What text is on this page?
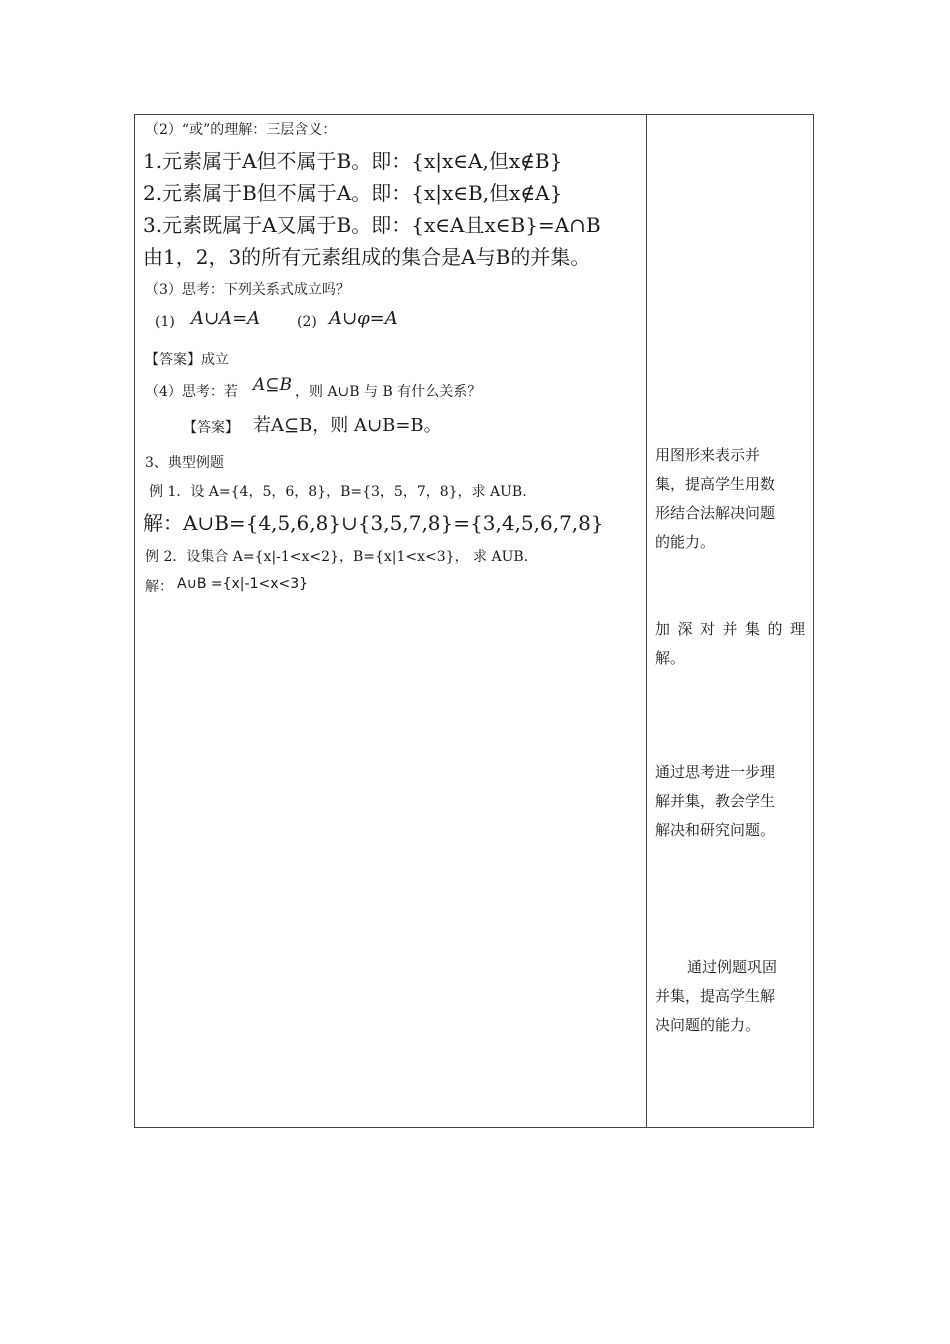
（2）“或”的理解：三层含义：
1.元素属于A但不属于B。即：{x|x∈A,但x∉B}
2.元素属于B但不属于A。即：{x|x∈B,但x∉A}
3.元素既属于A又属于B。即：{x∈A且x∈B}=A∩B
由1，2，3的所有元素组成的集合是A与B的并集。
（3）思考：下列关系式成立吗？
(1) A∪A=A	(2) A∪φ=A
【答案】成立
（4）思考：若 A⊆B ，则 A∪B 与 B 有什么关系？
【答案】 若A⊆B，则 A∪B=B。
3、典型例题
例 1．设 A={4，5，6，8}，B={3，5，7，8}，求 AUB.
解：A∪B={4,5,6,8}∪{3,5,7,8}={3,4,5,6,7,8}
例 2．设集合 A={x|-1<x<2}，B={x|1<x<3}， 求 AUB.
解： A∪B ={x|-1<x<3}
用图形来表示并
集，提高学生用数
形结合法解决问题
的能力。
加深对并集的理
解。
通过思考进一步理
解并集，教会学生
解决和研究问题。
通过例题巩固
并集，提高学生解
决问题的能力。
